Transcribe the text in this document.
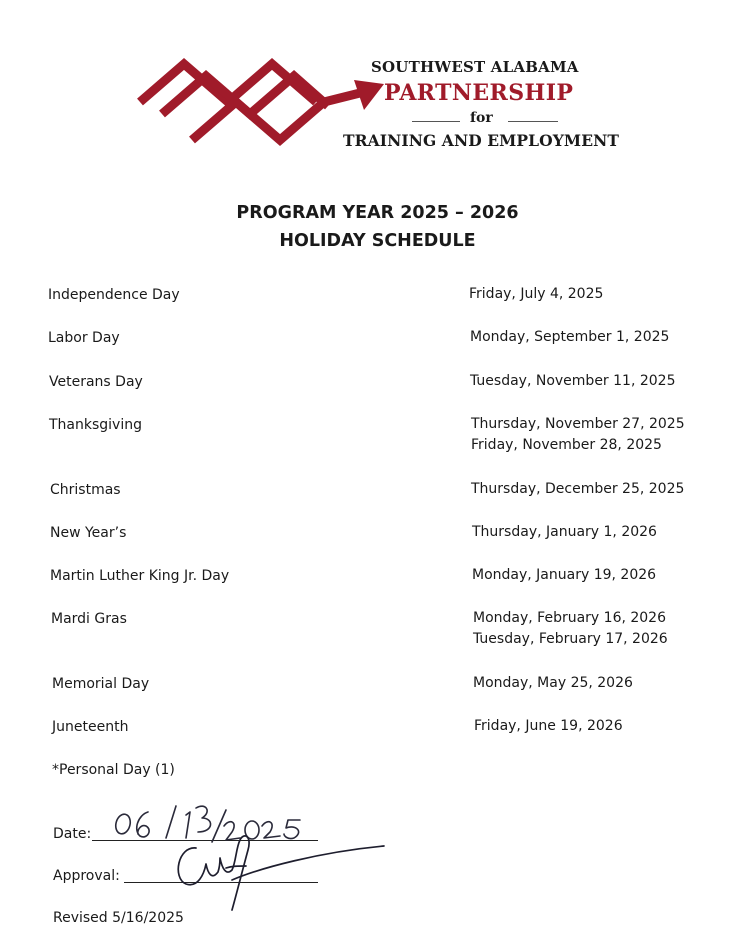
SOUTHWEST ALABAMA
PARTNERSHIP
for
TRAINING AND EMPLOYMENT
PROGRAM YEAR 2025 – 2026
HOLIDAY SCHEDULE
Independence Day	Friday, July 4, 2025
Labor Day	Monday, September 1, 2025
Veterans Day	Tuesday, November 11, 2025
Thanksgiving	Thursday, November 27, 2025
Friday, November 28, 2025
Christmas	Thursday, December 25, 2025
New Year’s	Thursday, January 1, 2026
Martin Luther King Jr. Day	Monday, January 19, 2026
Mardi Gras	Monday, February 16, 2026
Tuesday, February 17, 2026
Memorial Day	Monday, May 25, 2026
Juneteenth	Friday, June 19, 2026
*Personal Day (1)
Date:
Approval:
Revised 5/16/2025
